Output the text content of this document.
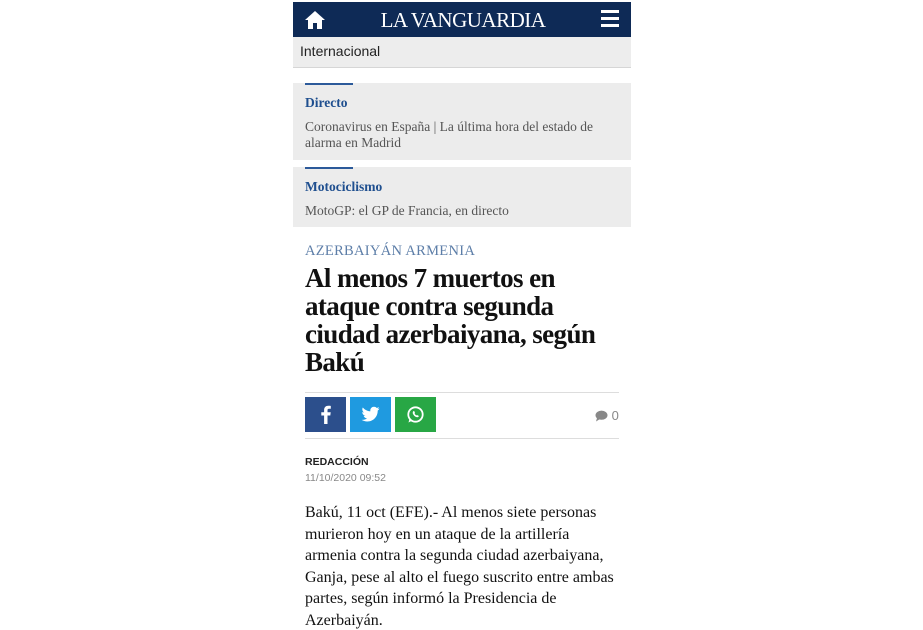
LA VANGUARDIA
Internacional
Directo
Coronavirus en España | La última hora del estado de alarma en Madrid
Motociclismo
MotoGP: el GP de Francia, en directo
AZERBAIYÁN ARMENIA
Al menos 7 muertos en ataque contra segunda ciudad azerbaiyana, según Bakú
0
REDACCIÓN
11/10/2020 09:52

Bakú, 11 oct (EFE).- Al menos siete personas murieron hoy en un ataque de la artillería armenia contra la segunda ciudad azerbaiyana, Ganja, pese al alto el fuego suscrito entre ambas partes, según informó la Presidencia de Azerbaiyán.
